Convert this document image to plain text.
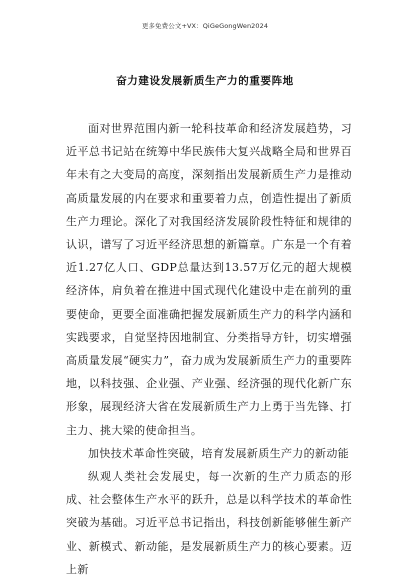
更多免费公文+VX：QiGeGongWen2024
奋力建设发展新质生产力的重要阵地

面对世界范围内新一轮科技革命和经济发展趋势，习近平总书记站在统筹中华民族伟大复兴战略全局和世界百年未有之大变局的高度，深刻指出发展新质生产力是推动高质量发展的内在要求和重要着力点，创造性提出了新质生产力理论。深化了对我国经济发展阶段性特征和规律的认识，谱写了习近平经济思想的新篇章。广东是一个有着近1.27亿人口、GDP总量达到13.57万亿元的超大规模经济体，肩负着在推进中国式现代化建设中走在前列的重要使命，更要全面准确把握发展新质生产力的科学内涵和实践要求，自觉坚持因地制宜、分类指导方针，切实增强高质量发展“硬实力”，奋力成为发展新质生产力的重要阵地，以科技强、企业强、产业强、经济强的现代化新广东形象，展现经济大省在发展新质生产力上勇于当先锋、打主力、挑大梁的使命担当。

加快技术革命性突破，培育发展新质生产力的新动能

纵观人类社会发展史，每一次新的生产力质态的形成、社会整体生产水平的跃升，总是以科学技术的革命性突破为基础。习近平总书记指出，科技创新能够催生新产业、新模式、新动能，是发展新质生产力的核心要素。迈上新
